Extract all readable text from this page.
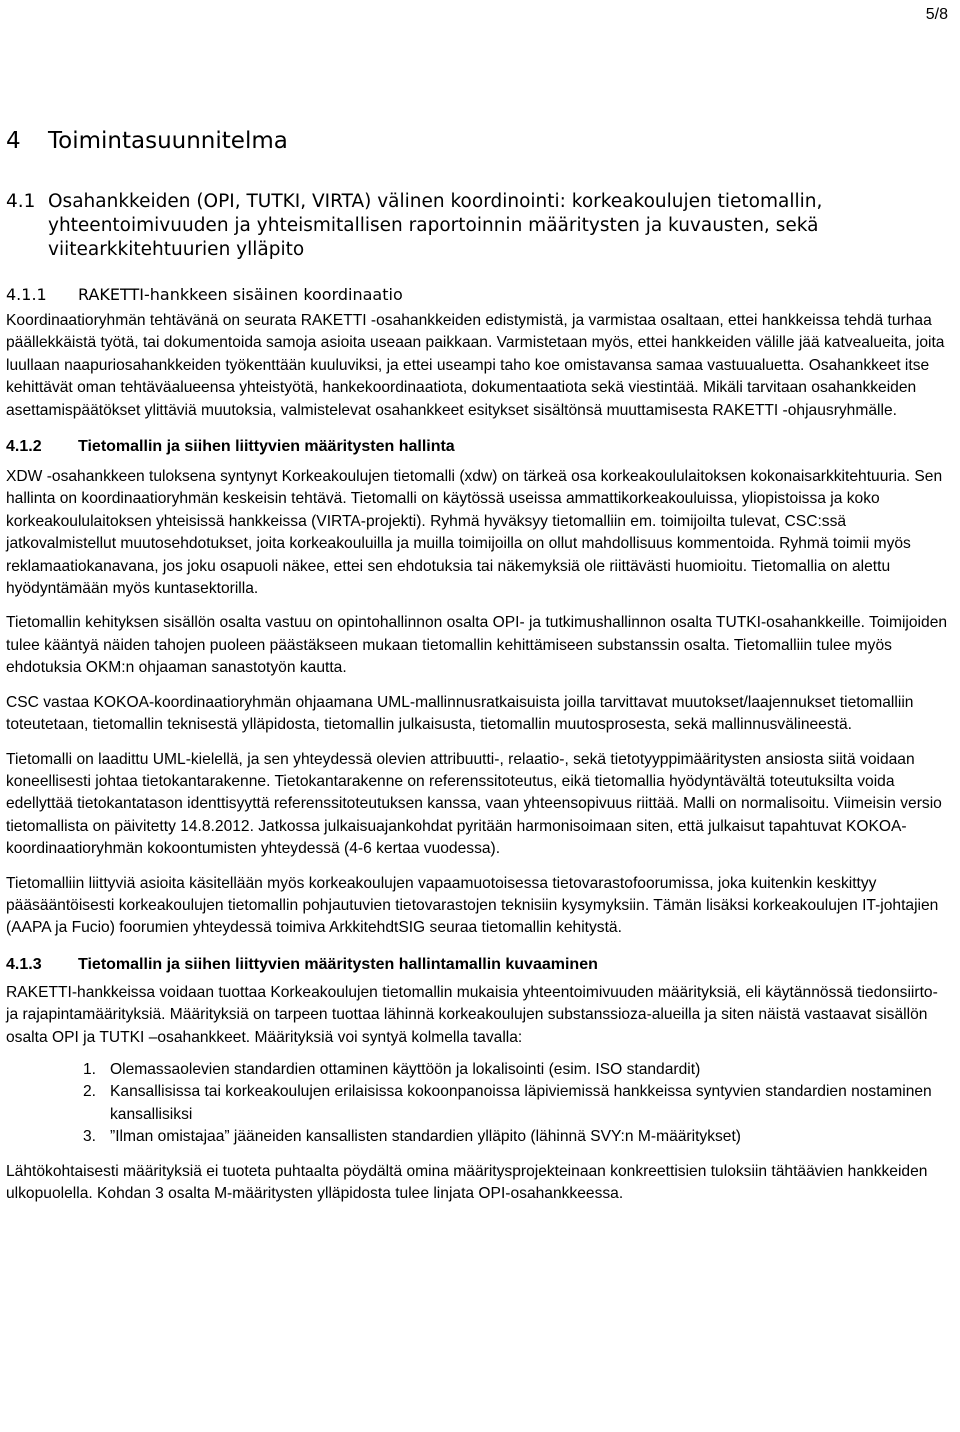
5/8
4	Toimintasuunnitelma
4.1 Osahankkeiden (OPI, TUTKI, VIRTA) välinen koordinointi: korkeakoulujen tietomallin, yhteentoimivuuden ja yhteismitallisen raportoinnin määritysten ja kuvausten, sekä viitearkkitehtuurien ylläpito
4.1.1	RAKETTI-hankkeen sisäinen koordinaatio

Koordinaatioryhmän tehtävänä on seurata RAKETTI -osahankkeiden edistymistä, ja varmistaa osaltaan, ettei hankkeissa tehdä turhaa päällekkäistä työtä, tai dokumentoida samoja asioita useaan paikkaan. Varmistetaan myös, ettei hankkeiden välille jää katvealueita, joita luullaan naapuriosahankkeiden työkenttään kuuluviksi, ja ettei useampi taho koe omistavansa samaa vastuualuetta. Osahankkeet itse kehittävät oman tehtäväalueensa yhteistyötä, hankekoordinaatiota, dokumentaatiota sekä viestintää. Mikäli tarvitaan osahankkeiden asettamispäätökset ylittäviä muutoksia, valmistelevat osahankkeet esitykset sisältönsä muuttamisesta RAKETTI -ohjausryhmälle.

4.1.2	Tietomallin ja siihen liittyvien määritysten hallinta

XDW -osahankkeen tuloksena syntynyt Korkeakoulujen tietomalli (xdw) on tärkeä osa korkeakoululaitoksen kokonaisarkkitehtuuria. Sen hallinta on koordinaatioryhmän keskeisin tehtävä. Tietomalli on käytössä useissa ammattikorkeakouluissa, yliopistoissa ja koko korkeakoululaitoksen yhteisissä hankkeissa (VIRTA-projekti). Ryhmä hyväksyy tietomalliin em. toimijoilta tulevat, CSC:ssä jatkovalmistellut muutosehdotukset, joita korkeakouluilla ja muilla toimijoilla on ollut mahdollisuus kommentoida. Ryhmä toimii myös reklamaatiokanavana, jos joku osapuoli näkee, ettei sen ehdotuksia tai näkemyksiä ole riittävästi huomioitu. Tietomallia on alettu hyödyntämään myös kuntasektorilla.

Tietomallin kehityksen sisällön osalta vastuu on opintohallinnon osalta OPI- ja tutkimushallinnon osalta TUTKI-osahankkeille. Toimijoiden tulee kääntyä näiden tahojen puoleen päästäkseen mukaan tietomallin kehittämiseen substanssin osalta. Tietomalliin tulee myös ehdotuksia OKM:n ohjaaman sanastotyön kautta.

CSC vastaa KOKOA-koordinaatioryhmän ohjaamana UML-mallinnusratkaisuista joilla tarvittavat muutokset/laajennukset tietomalliin toteutetaan, tietomallin teknisestä ylläpidosta, tietomallin julkaisusta, tietomallin muutosprosesta, sekä mallinnusvälineestä.

Tietomalli on laadittu UML-kielellä, ja sen yhteydessä olevien attribuutti-, relaatio-, sekä tietotyyppimääritysten ansiosta siitä voidaan koneellisesti johtaa tietokantarakenne. Tietokantarakenne on referenssitoteutus, eikä tietomallia hyödyntävältä toteutuksilta voida edellyttää tietokantatason identtisyyttä referenssitoteutuksen kanssa, vaan yhteensopivuus riittää. Malli on normalisoitu. Viimeisin versio tietomallista on päivitetty 14.8.2012. Jatkossa julkaisuajankohdat pyritään harmonisoimaan siten, että julkaisut tapahtuvat KOKOA-koordinaatioryhmän kokoontumisten yhteydessä (4-6 kertaa vuodessa).

Tietomalliin liittyviä asioita käsitellään myös korkeakoulujen vapaamuotoisessa tietovarastofoorumissa, joka kuitenkin keskittyy pääsääntöisesti korkeakoulujen tietomallin pohjautuvien tietovarastojen teknisiin kysymyksiin. Tämän lisäksi korkeakoulujen IT-johtajien (AAPA ja Fucio) foorumien yhteydessä toimiva ArkkitehdtSIG seuraa tietomallin kehitystä.

4.1.3	Tietomallin ja siihen liittyvien määritysten hallintamallin kuvaaminen

RAKETTI-hankkeissa voidaan tuottaa Korkeakoulujen tietomallin mukaisia yhteentoimivuuden määrityksiä, eli käytännössä tiedonsiirto- ja rajapintamäärityksiä. Määrityksiä on tarpeen tuottaa lähinnä korkeakoulujen substanssioza-alueilla ja siten näistä vastaavat sisällön osalta OPI ja TUTKI –osahankkeet. Määrityksiä voi syntyä kolmella tavalla:

1. Olemassaolevien standardien ottaminen käyttöön ja lokalisointi (esim. ISO standardit)
2. Kansallisissa tai korkeakoulujen erilaisissa kokoonpanoissa läpiviemissä hankkeissa syntyvien standardien nostaminen kansallisiksi
3. ”Ilman omistajaa” jääneiden kansallisten standardien ylläpito (lähinnä SVY:n M-määritykset)

Lähtökohtaisesti määrityksiä ei tuoteta puhtaalta pöydältä omina määritysprojekteinaan konkreettisien tuloksiin tähtäävien hankkeiden ulkopuolella. Kohdan 3 osalta M-määritysten ylläpidosta tulee linjata OPI-osahankkeessa.
